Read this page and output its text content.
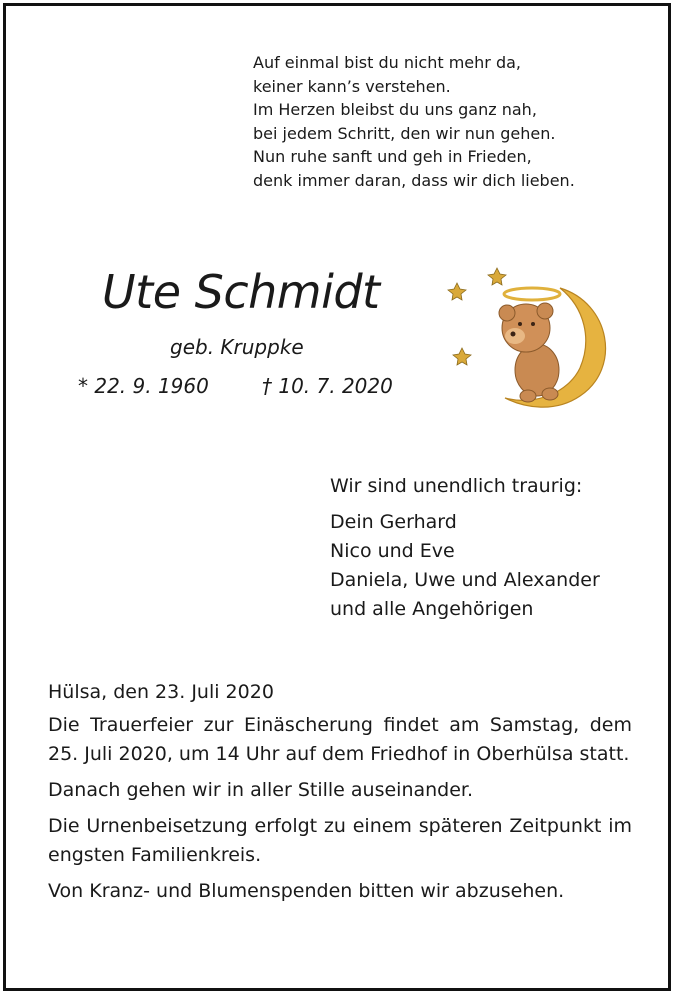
Auf einmal bist du nicht mehr da,
keiner kann’s verstehen.
Im Herzen bleibst du uns ganz nah,
bei jedem Schritt, den wir nun gehen.
Nun ruhe sanft und geh in Frieden,
denk immer daran, dass wir dich lieben.
Ute Schmidt
geb. Kruppke
* 22. 9. 1960	† 10. 7. 2020
Wir sind unendlich traurig:
Dein Gerhard
Nico und Eve
Daniela, Uwe und Alexander
und alle Angehörigen

Hülsa, den 23. Juli 2020

Die Trauerfeier zur Einäscherung findet am Samstag, dem 25. Juli 2020, um 14 Uhr auf dem Friedhof in Oberhülsa statt.

Danach gehen wir in aller Stille auseinander.

Die Urnenbeisetzung erfolgt zu einem späteren Zeitpunkt im engsten Familienkreis.

Von Kranz- und Blumenspenden bitten wir abzusehen.
